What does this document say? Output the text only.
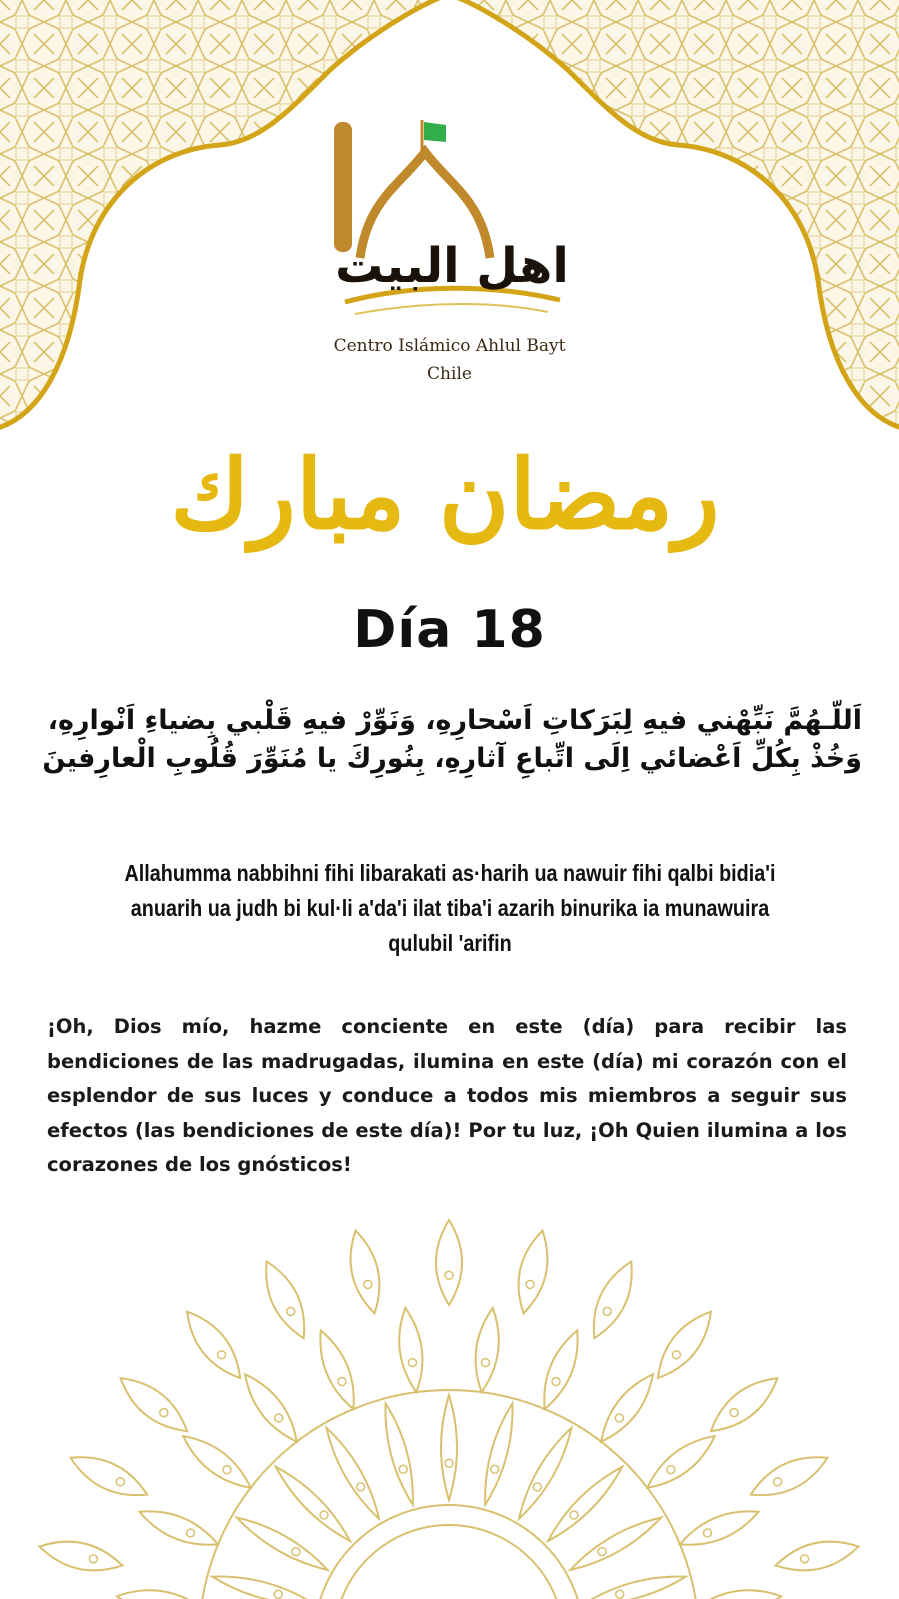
اهل البيت
رمضان مبارك
Centro Islámico Ahlul Bayt
Chile
Día 18
اَللّـهُمَّ نَبِّهْني فيهِ لِبَرَكاتِ اَسْحارِهِ، وَنَوِّرْ فيهِ قَلْبي بِضياءِ اَنْوارِهِ، وَخُذْ بِكُلِّ اَعْضائي اِلَى اتِّباعِ آثارِهِ، بِنُورِكَ يا مُنَوِّرَ قُلُوبِ الْعارِفينَ
Allahumma nabbihni fihi libarakati as·harih ua nawuir fihi qalbi bidia'i anuarih ua judh bi kul·li a'da'i ilat tiba'i azarih binurika ia munawuira qulubil 'arifin
¡Oh, Dios mío, hazme conciente en este (día) para recibir las bendiciones de las madrugadas, ilumina en este (día) mi corazón con el esplendor de sus luces y conduce a todos mis miembros a seguir sus efectos (las bendiciones de este día)! Por tu luz, ¡Oh Quien ilumina a los corazones de los gnósticos!
